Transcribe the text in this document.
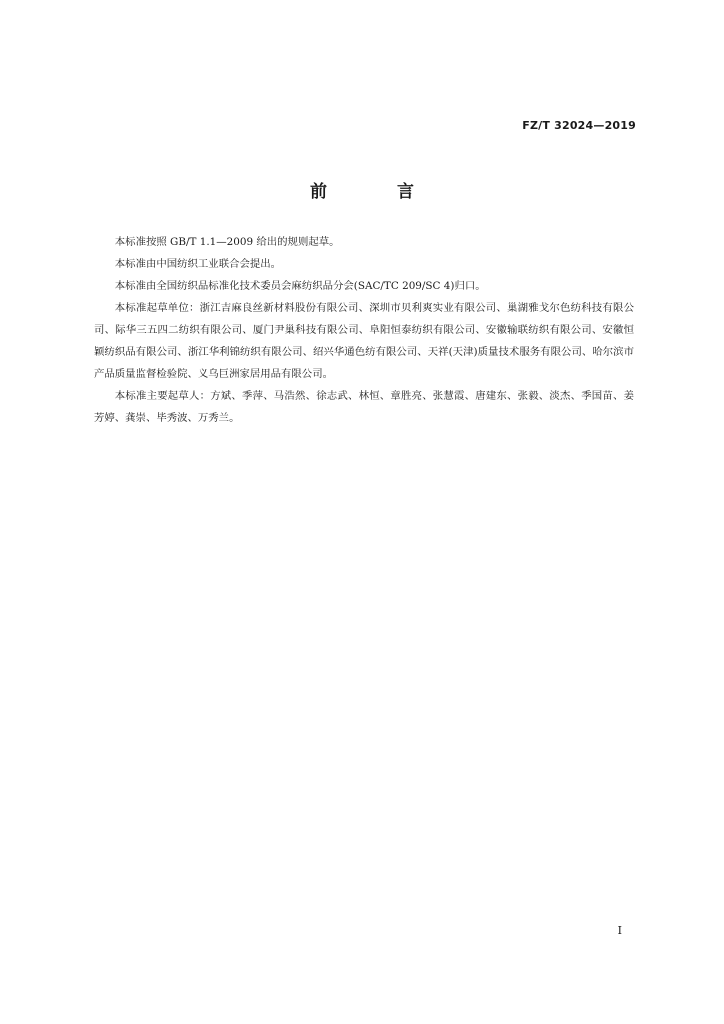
FZ/T 32024—2019
前 言

本标准按照 GB/T 1.1—2009 给出的规则起草。

本标准由中国纺织工业联合会提出。

本标准由全国纺织品标准化技术委员会麻纺织品分会(SAC/TC 209/SC 4)归口。

本标准起草单位：浙江吉麻良丝新材料股份有限公司、深圳市贝利爽实业有限公司、巢湖雅戈尔色纺科技有限公司、际华三五四二纺织有限公司、厦门尹巢科技有限公司、阜阳恒泰纺织有限公司、安徽输联纺织有限公司、安徽恒颖纺织品有限公司、浙江华利锦纺织有限公司、绍兴华通色纺有限公司、天祥(天津)质量技术服务有限公司、哈尔滨市产品质量监督检验院、义乌巨洲家居用品有限公司。

本标准主要起草人：方斌、季萍、马浩然、徐志武、林恒、章胜亮、张慧霞、唐建东、张毅、淡杰、季国苗、姜芳婷、龚崇、毕秀波、万秀兰。

I
